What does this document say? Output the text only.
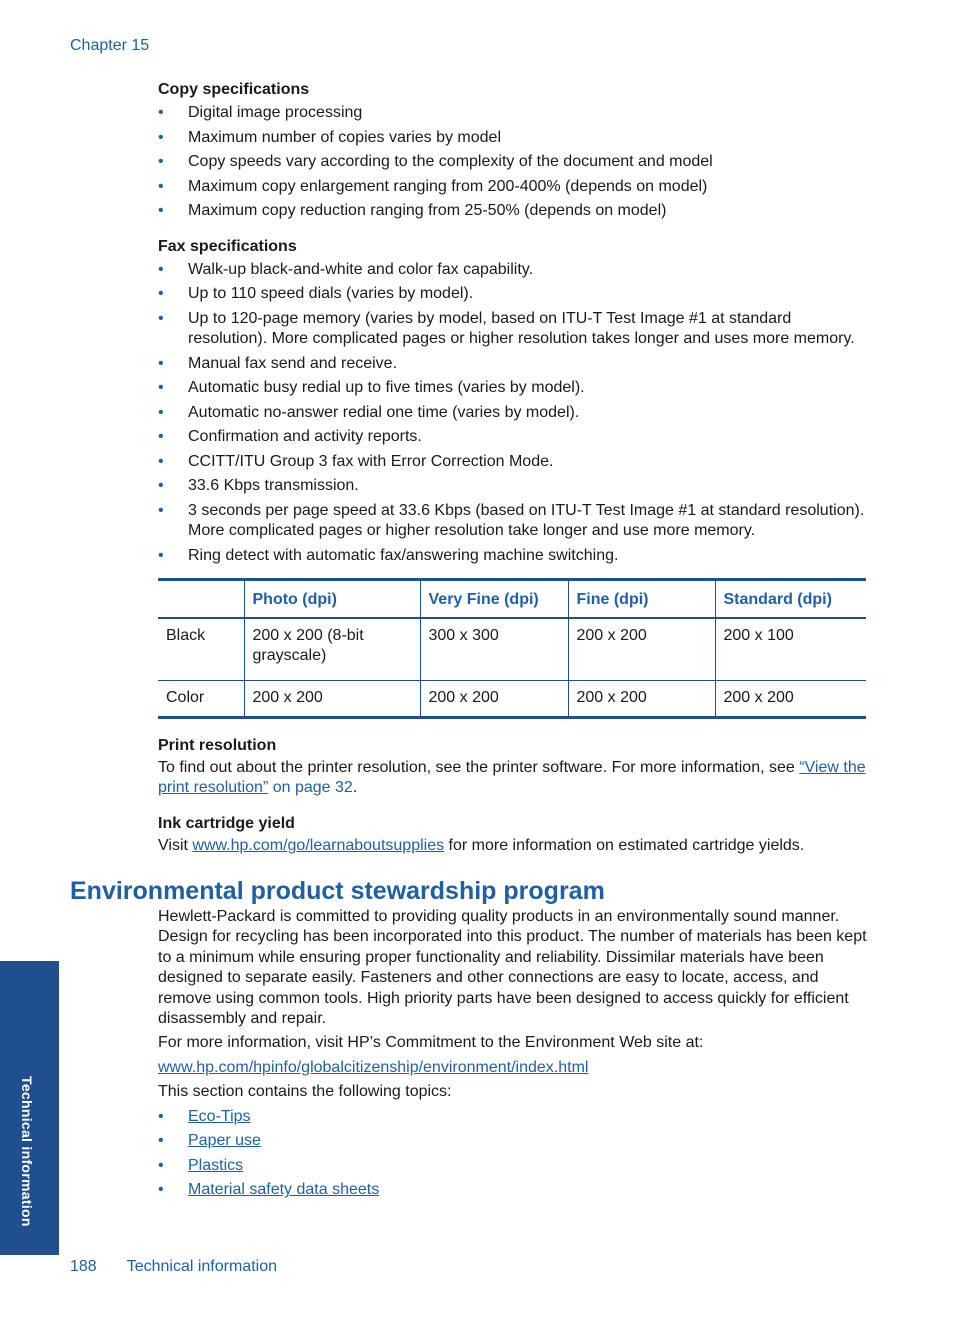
Chapter 15

Copy specifications

• Digital image processing
• Maximum number of copies varies by model
• Copy speeds vary according to the complexity of the document and model
• Maximum copy enlargement ranging from 200-400% (depends on model)
• Maximum copy reduction ranging from 25-50% (depends on model)

Fax specifications

• Walk-up black-and-white and color fax capability.
• Up to 110 speed dials (varies by model).
• Up to 120-page memory (varies by model, based on ITU-T Test Image #1 at standard resolution). More complicated pages or higher resolution takes longer and uses more memory.
• Manual fax send and receive.
• Automatic busy redial up to five times (varies by model).
• Automatic no-answer redial one time (varies by model).
• Confirmation and activity reports.
• CCITT/ITU Group 3 fax with Error Correction Mode.
• 33.6 Kbps transmission.
• 3 seconds per page speed at 33.6 Kbps (based on ITU-T Test Image #1 at standard resolution). More complicated pages or higher resolution take longer and use more memory.
• Ring detect with automatic fax/answering machine switching.
	Photo (dpi)	Very Fine (dpi)	Fine (dpi)	Standard (dpi)
Black	200 x 200 (8-bit grayscale)	300 x 300	200 x 200	200 x 100
Color	200 x 200	200 x 200	200 x 200	200 x 200

Print resolution

To find out about the printer resolution, see the printer software. For more information, see “View the print resolution” on page 32.

Ink cartridge yield

Visit www.hp.com/go/learnaboutsupplies for more information on estimated cartridge yields.

Environmental product stewardship program

Hewlett-Packard is committed to providing quality products in an environmentally sound manner. Design for recycling has been incorporated into this product. The number of materials has been kept to a minimum while ensuring proper functionality and reliability. Dissimilar materials have been designed to separate easily. Fasteners and other connections are easy to locate, access, and remove using common tools. High priority parts have been designed to access quickly for efficient disassembly and repair.

For more information, visit HP’s Commitment to the Environment Web site at:

www.hp.com/hpinfo/globalcitizenship/environment/index.html

This section contains the following topics:

• Eco-Tips
• Paper use
• Plastics
• Material safety data sheets
Technical information
188 Technical information
